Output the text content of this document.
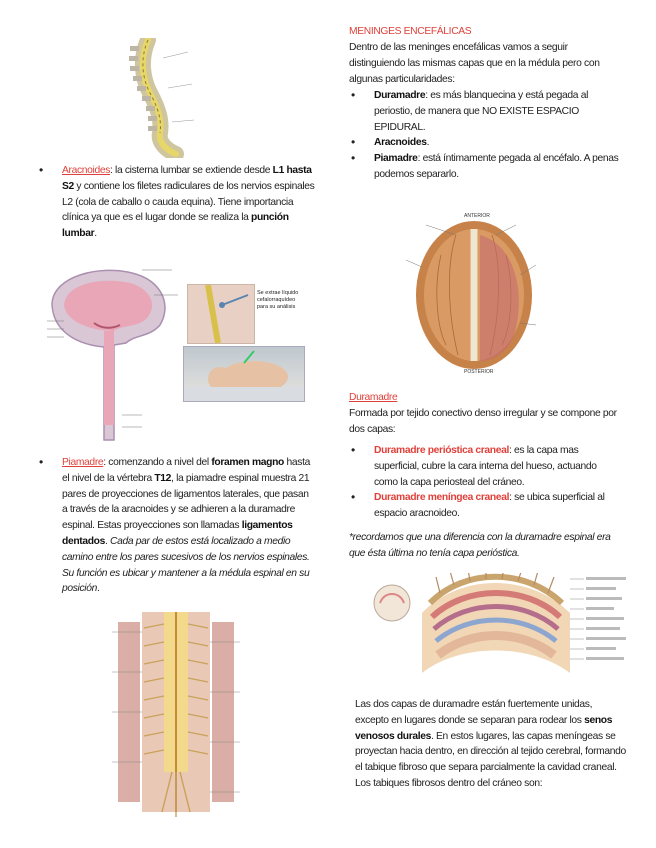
• Aracnoides: la cisterna lumbar se extiende desde L1 hasta S2 y contiene los filetes radiculares de los nervios espinales L2 (cola de caballo o cauda equina). Tiene importancia clínica ya que es el lugar donde se realiza la punción lumbar.
Se extrae líquido cefalorraquídeo para su análisis
• Piamadre: comenzando a nivel del foramen magno hasta el nivel de la vértebra T12, la piamadre espinal muestra 21 pares de proyecciones de ligamentos laterales, que pasan a través de la aracnoides y se adhieren a la duramadre espinal. Estas proyecciones son llamadas ligamentos dentados. Cada par de estos está localizado a medio camino entre los pares sucesivos de los nervios espinales. Su función es ubicar y mantener a la médula espinal en su posición.
MENINGES ENCEFÁLICAS
Dentro de las meninges encefálicas vamos a seguir distinguiendo las mismas capas que en la médula pero con algunas particularidades:
• Duramadre: es más blanquecina y está pegada al periostio, de manera que NO EXISTE ESPACIO EPIDURAL.
• Aracnoides.
• Piamadre: está íntimamente pegada al encéfalo. A penas podemos separarlo.
ANTERIOR
POSTERIOR
Duramadre
Formada por tejido conectivo denso irregular y se compone por dos capas:
• Duramadre perióstica craneal: es la capa mas superficial, cubre la cara interna del hueso, actuando como la capa periosteal del cráneo.
• Duramadre meníngea craneal: se ubica superficial al espacio aracnoideo.
*recordamos que una diferencia con la duramadre espinal era que ésta última no tenía capa perióstica.
Las dos capas de duramadre están fuertemente unidas, excepto en lugares donde se separan para rodear los senos venosos durales. En estos lugares, las capas meníngeas se proyectan hacia dentro, en dirección al tejido cerebral, formando el tabique fibroso que separa parcialmente la cavidad craneal. Los tabiques fibrosos dentro del cráneo son:
